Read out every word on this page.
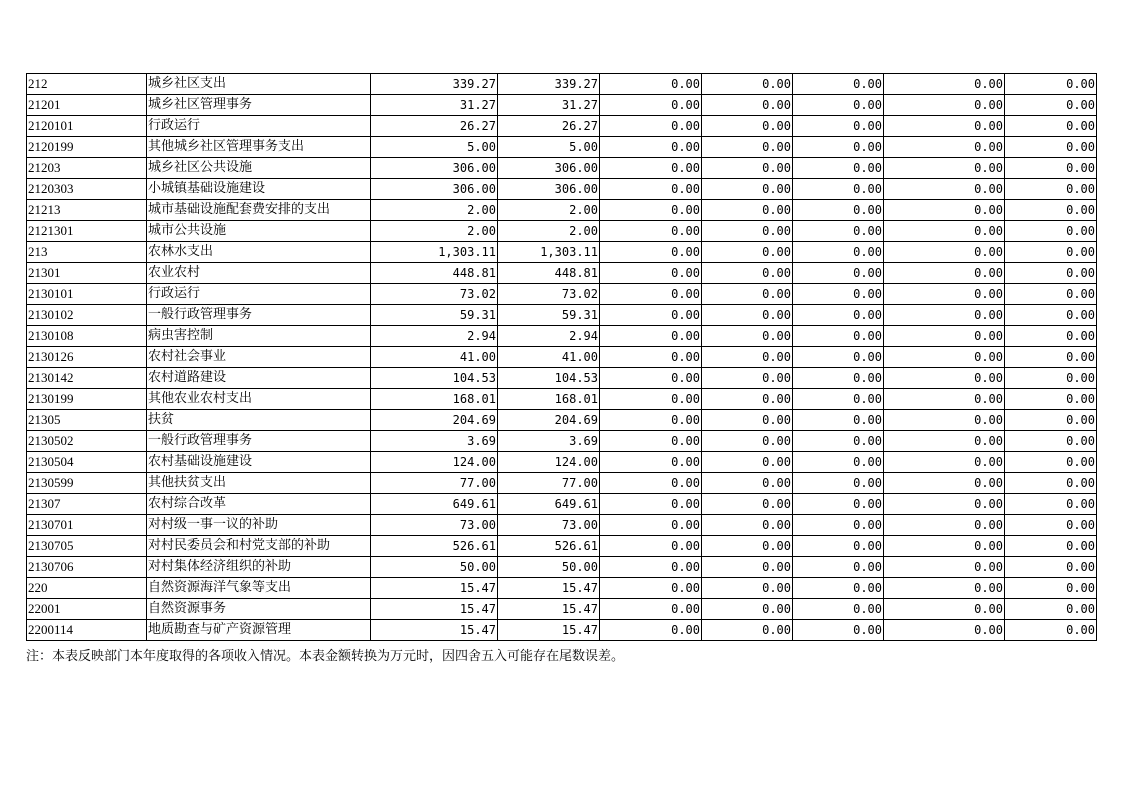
212	城乡社区支出	339.27	339.27	0.00	0.00	0.00	0.00	0.00
21201	城乡社区管理事务	31.27	31.27	0.00	0.00	0.00	0.00	0.00
2120101	行政运行	26.27	26.27	0.00	0.00	0.00	0.00	0.00
2120199	其他城乡社区管理事务支出	5.00	5.00	0.00	0.00	0.00	0.00	0.00
21203	城乡社区公共设施	306.00	306.00	0.00	0.00	0.00	0.00	0.00
2120303	小城镇基础设施建设	306.00	306.00	0.00	0.00	0.00	0.00	0.00
21213	城市基础设施配套费安排的支出	2.00	2.00	0.00	0.00	0.00	0.00	0.00
2121301	城市公共设施	2.00	2.00	0.00	0.00	0.00	0.00	0.00
213	农林水支出	1,303.11	1,303.11	0.00	0.00	0.00	0.00	0.00
21301	农业农村	448.81	448.81	0.00	0.00	0.00	0.00	0.00
2130101	行政运行	73.02	73.02	0.00	0.00	0.00	0.00	0.00
2130102	一般行政管理事务	59.31	59.31	0.00	0.00	0.00	0.00	0.00
2130108	病虫害控制	2.94	2.94	0.00	0.00	0.00	0.00	0.00
2130126	农村社会事业	41.00	41.00	0.00	0.00	0.00	0.00	0.00
2130142	农村道路建设	104.53	104.53	0.00	0.00	0.00	0.00	0.00
2130199	其他农业农村支出	168.01	168.01	0.00	0.00	0.00	0.00	0.00
21305	扶贫	204.69	204.69	0.00	0.00	0.00	0.00	0.00
2130502	一般行政管理事务	3.69	3.69	0.00	0.00	0.00	0.00	0.00
2130504	农村基础设施建设	124.00	124.00	0.00	0.00	0.00	0.00	0.00
2130599	其他扶贫支出	77.00	77.00	0.00	0.00	0.00	0.00	0.00
21307	农村综合改革	649.61	649.61	0.00	0.00	0.00	0.00	0.00
2130701	对村级一事一议的补助	73.00	73.00	0.00	0.00	0.00	0.00	0.00
2130705	对村民委员会和村党支部的补助	526.61	526.61	0.00	0.00	0.00	0.00	0.00
2130706	对村集体经济组织的补助	50.00	50.00	0.00	0.00	0.00	0.00	0.00
220	自然资源海洋气象等支出	15.47	15.47	0.00	0.00	0.00	0.00	0.00
22001	自然资源事务	15.47	15.47	0.00	0.00	0.00	0.00	0.00
2200114	地质勘查与矿产资源管理	15.47	15.47	0.00	0.00	0.00	0.00	0.00
注：本表反映部门本年度取得的各项收入情况。本表金额转换为万元时，因四舍五入可能存在尾数误差。
